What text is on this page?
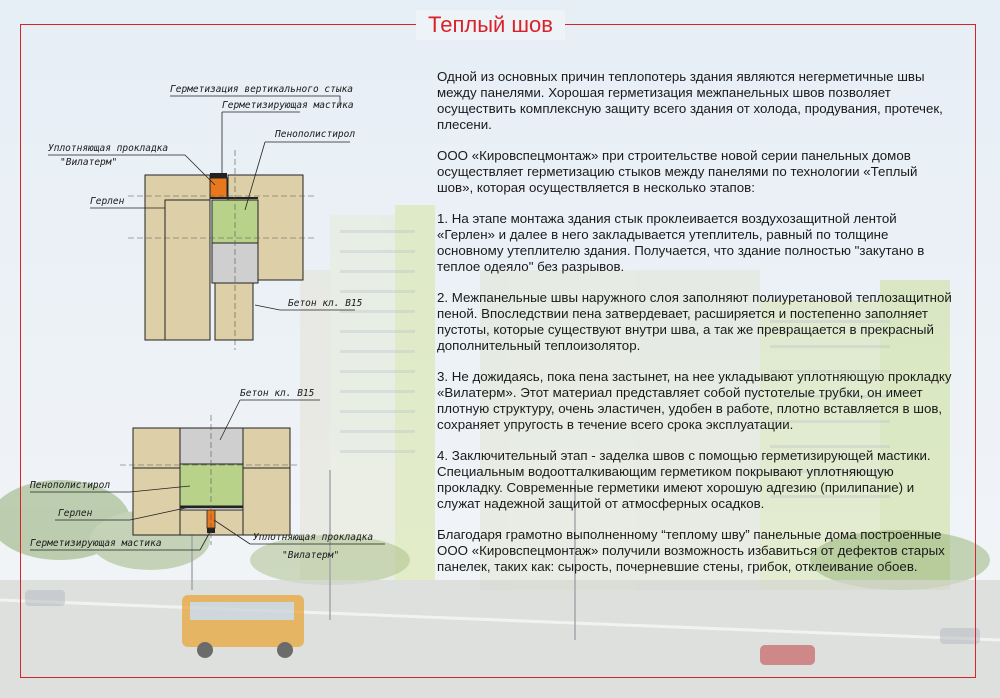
Теплый шов

Одной из основных причин теплопотерь здания являются негерметичные швы между панелями. Хорошая герметизация межпанельных швов позволяет осуществить комплексную защиту всего здания от холода, продувания, протечек, плесени.

ООО «Кировспецмонтаж» при строительстве новой серии панельных домов осуществляет герметизацию стыков между панелями по технологии «Теплый шов», которая осуществляется в несколько этапов:

1. На этапе монтажа здания стык проклеивается воздухозащитной лентой «Герлен» и далее в него закладывается утеплитель, равный по толщине основному утеплителю здания. Получается, что здание полностью "закутано в теплое одеяло" без разрывов.

2. Межпанельные швы наружного слоя заполняют полиуретановой теплозащитной пеной. Впоследствии пена затвердевает, расширяется и постепенно заполняет пустоты, которые существуют внутри шва, а так же превращается в прекрасный дополнительный теплоизолятор.

3. Не дожидаясь, пока пена застынет, на нее укладывают уплотняющую прокладку «Вилатерм». Этот материал представляет собой пустотелые трубки, он имеет плотную структуру, очень эластичен, удобен в работе, плотно вставляется в шов, сохраняет упругость в течение всего срока эксплуатации.

4. Заключительный этап - заделка швов с помощью герметизирующей мастики. Специальным водоотталкивающим герметиком покрывают уплотняющую прокладку. Современные герметики имеют хорошую адгезию (прилипание) и служат надежной защитой от атмосферных осадков.

Благодаря грамотно выполненному “теплому шву” панельные дома построенные ООО «Кировспецмонтаж» получили возможность избавиться от дефектов старых панелек, таких как: сырость, почерневшие стены, грибок, отклеивание обоев.

Герметизация вертикального стыка
Герметизирующая мастика
Пенополистирол
Уплотняющая прокладка
"Вилатерм"
Герлен
Бетон кл. В15
Бетон кл. В15
Пенополистирол
Герлен
Герметизирующая мастика
Уплотняющая прокладка
"Вилатерм"
